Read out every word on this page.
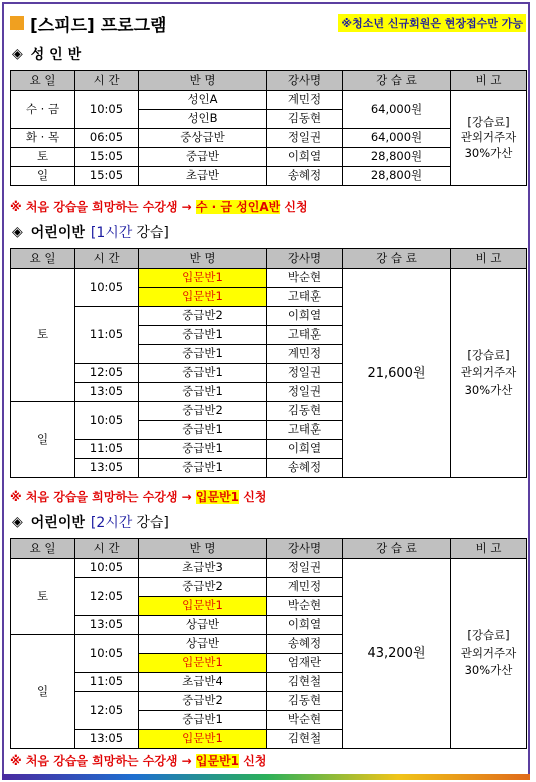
[스피드] 프로그램	※청소년 신규회원은 현장접수만 가능
◈ 성 인 반
요 일	시 간	반 명	강사명	강 습 료	비 고
수 · 금	10:05	성인A	계민정	64,000원	[강습료]
관외거주자
30%가산

		성인B	김동현		
화 · 목	06:05	중상급반	정일권	64,000원	
토	15:05	중급반	이희열	28,800원	
일	15:05	초급반	송혜정	28,800원	
※ 처음 강습을 희망하는 수강생 → 수 · 금 성인A반 신청
◈ 어린이반 [1시간 강습]
요 일	시 간	반 명	강사명	강 습 료	비 고
토	10:05	입문반1	박순현	21,600원	[강습료]
관외거주자
30%가산

		입문반1	고태훈		
	11:05	중급반2	이희열		
		중급반1	고태훈		
		중급반1	계민정		
	12:05	중급반1	정일권		
	13:05	중급반1	정일권		
일	10:05	중급반2	김동현		
		중급반1	고태훈		
	11:05	중급반1	이희열		
	13:05	중급반1	송혜정		
※ 처음 강습을 희망하는 수강생 → 입문반1 신청
◈ 어린이반 [2시간 강습]
요 일	시 간	반 명	강사명	강 습 료	비 고
토	10:05	초급반3	정일권	43,200원	[강습료]
관외거주자
30%가산

	12:05	중급반2	계민정		
		입문반1	박순현		
	13:05	상급반	이희열		
일	10:05	상급반	송혜정		
		입문반1	엄재란		
	11:05	초급반4	김현철		
	12:05	중급반2	김동현		
		중급반1	박순현		
	13:05	입문반1	김현철		
※ 처음 강습을 희망하는 수강생 → 입문반1 신청
